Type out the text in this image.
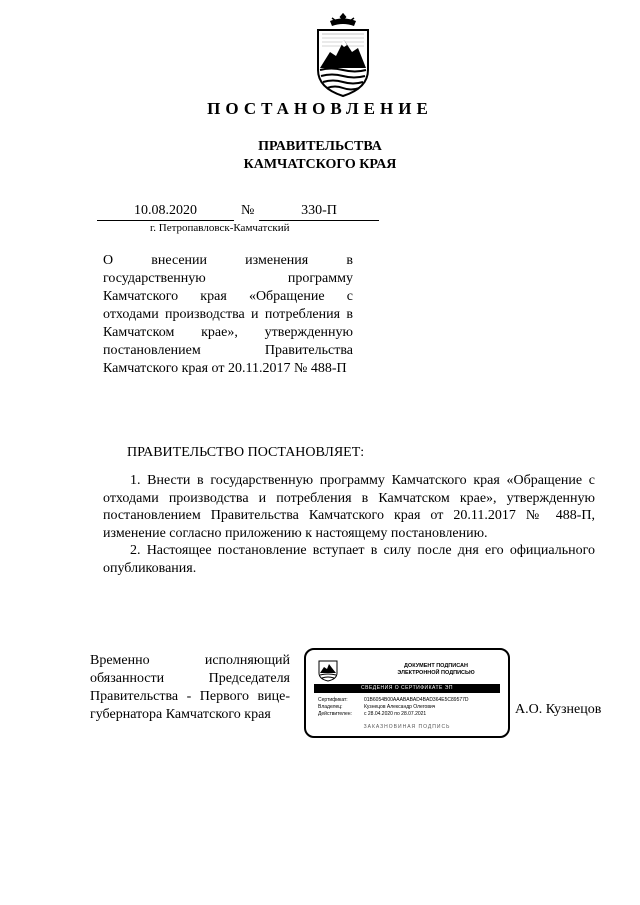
ПОСТАНОВЛЕНИЕ
ПРАВИТЕЛЬСТВА
КАМЧАТСКОГО КРАЯ
10.08.2020	№	330-П
г. Петропавловск-Камчатский
О внесении изменения в государственную программу Камчатского края «Обращение с отходами производства и потребления в Камчатском крае», утвержденную постановлением Правительства Камчатского края от 20.11.2017 № 488-П
ПРАВИТЕЛЬСТВО ПОСТАНОВЛЯЕТ:

1. Внести в государственную программу Камчатского края «Обращение с отходами производства и потребления в Камчатском крае», утвержденную постановлением Правительства Камчатского края от 20.11.2017 № 488-П, изменение согласно приложению к настоящему постановлению.

2. Настоящее постановление вступает в силу после дня его официального опубликования.

Временно исполняющий
обязанности Председателя
Правительства - Первого вице-
губернатора Камчатского края
ДОКУМЕНТ ПОДПИСАН
ЭЛЕКТРОННОЙ ПОДПИСЬЮ
СВЕДЕНИЯ О СЕРТИФИКАТЕ ЭП
Сертификат:	01B6054B00AAABABAD4BAD364E5C89577D
Владелец:	Кузнецов Александр Олегович
Действителен: с 28.04.2020 по 28.07.2021
ЗАКАЗНОВИНАЯ ПОДПИСЬ
А.О. Кузнецов
